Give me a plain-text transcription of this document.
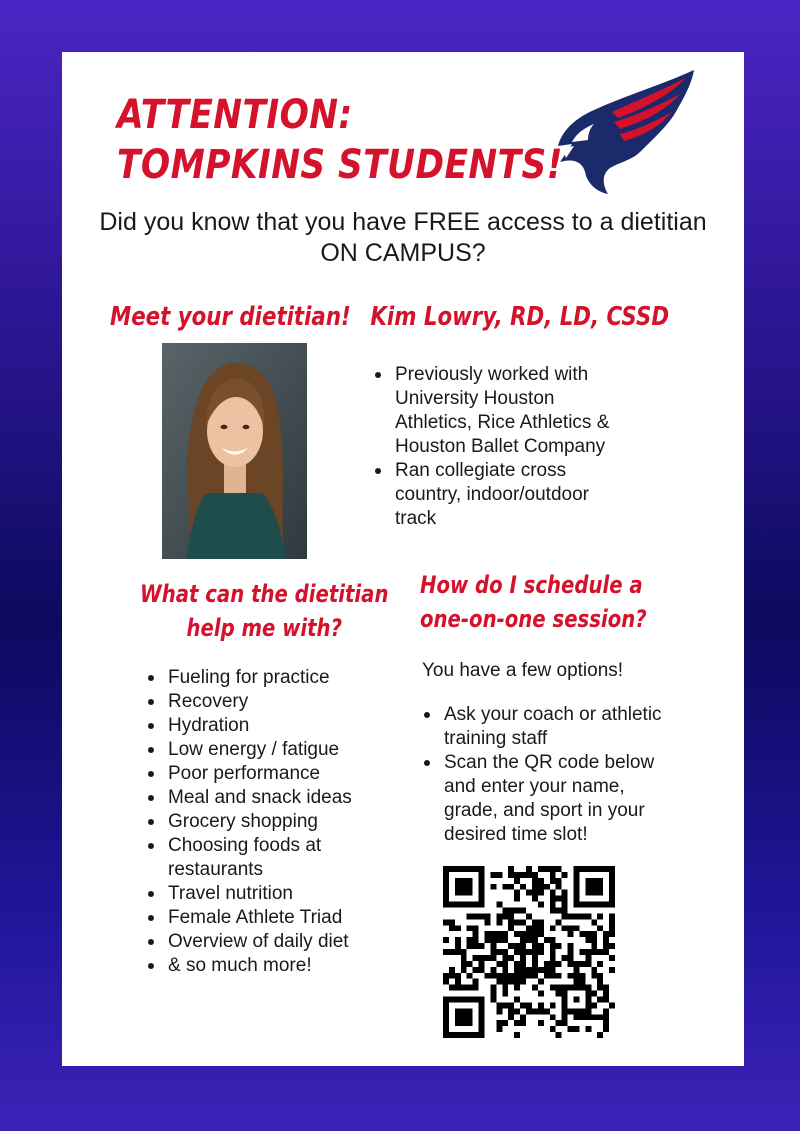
ATTENTION:
TOMPKINS STUDENTS!
Did you know that you have FREE access to a dietitian ON CAMPUS?
Meet your dietitian! Kim Lowry, RD, LD, CSSD
Previously worked with University Houston Athletics, Rice Athletics & Houston Ballet Company
Ran collegiate cross country, indoor/outdoor track
What can the dietitian
help me with?
How do I schedule a
one-on-one session?
Fueling for practice
Recovery
Hydration
Low energy / fatigue
Poor performance
Meal and snack ideas
Grocery shopping
Choosing foods at restaurants
Travel nutrition
Female Athlete Triad
Overview of daily diet
& so much more!
You have a few options!
Ask your coach or athletic training staff
Scan the QR code below and enter your name, grade, and sport in your desired time slot!
